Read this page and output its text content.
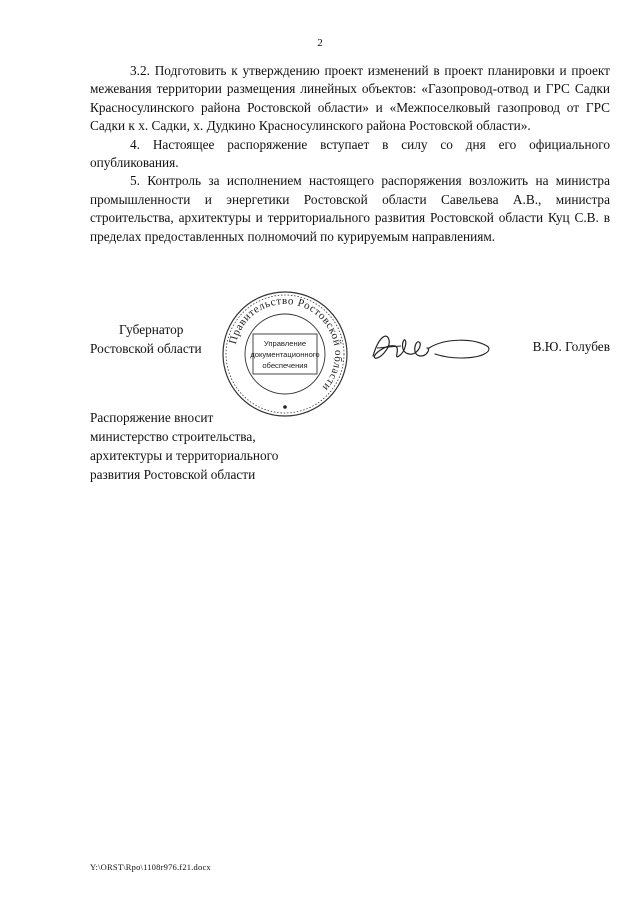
2

3.2. Подготовить к утверждению проект изменений в проект планировки и проект межевания территории размещения линейных объектов: «Газопровод-отвод и ГРС Садки Красносулинского района Ростовской области» и «Межпоселковый газопровод от ГРС Садки к х. Садки, х. Дудкино Красносулинского района Ростовской области».

4. Настоящее распоряжение вступает в силу со дня его официального опубликования.

5. Контроль за исполнением настоящего распоряжения возложить на министра промышленности и энергетики Ростовской области Савельева А.В., министра строительства, архитектуры и территориального развития Ростовской области Куц С.В. в пределах предоставленных полномочий по курируемым направлениям.

Губернатор
Ростовской области
Правительство Ростовской области
Управление
документационного
обеспечения
В.Ю. Голубев
Распоряжение вносит
министерство строительства,
архитектуры и территориального
развития Ростовской области
Y:\ORST\Rpo\1108r976.f21.docx
